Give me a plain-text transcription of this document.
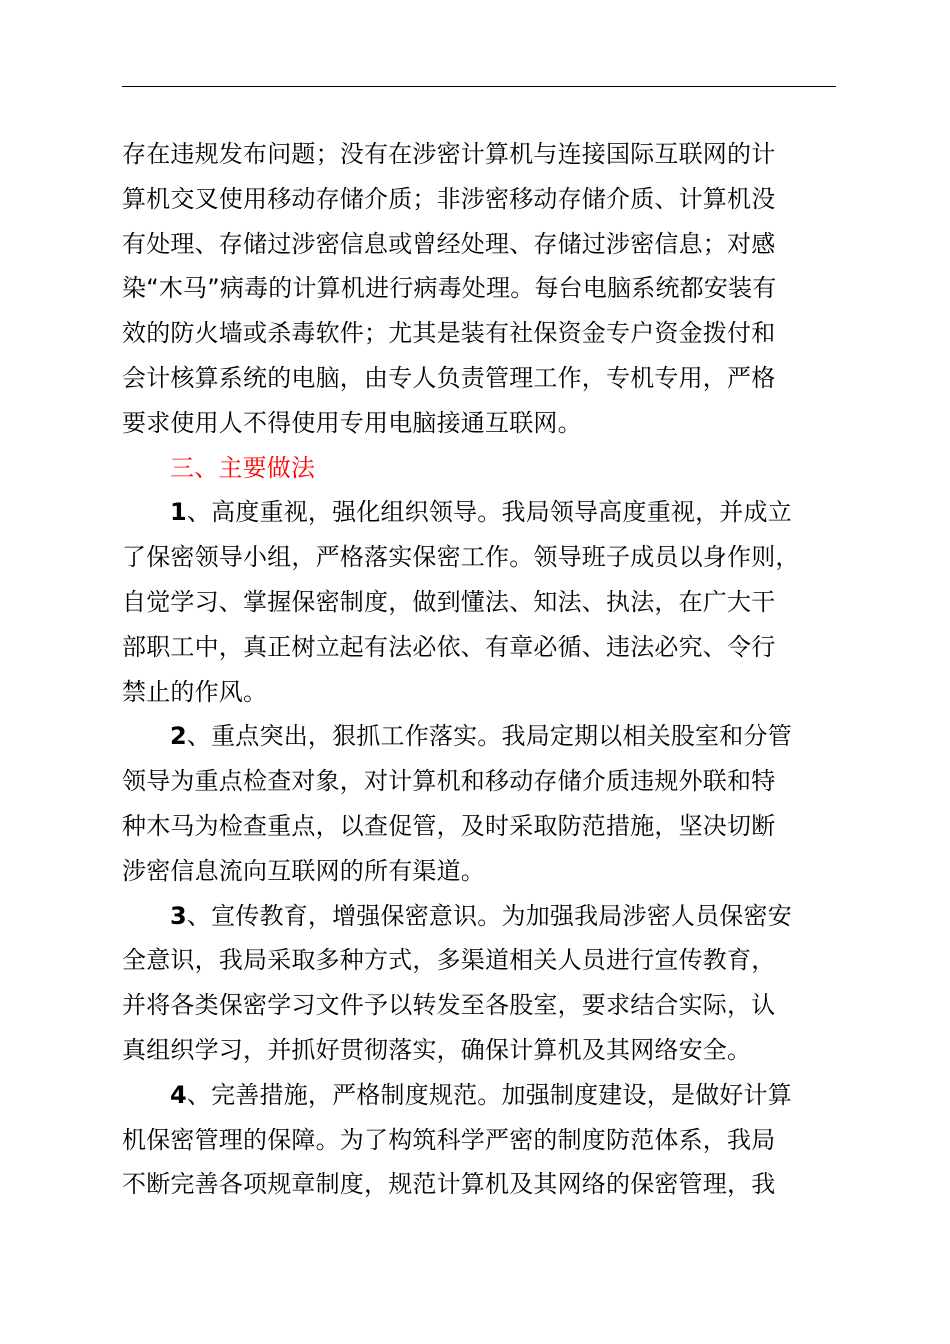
存在违规发布问题；没有在涉密计算机与连接国际互联网的计
算机交叉使用移动存储介质；非涉密移动存储介质、计算机没
有处理、存储过涉密信息或曾经处理、存储过涉密信息；对感
染“木马”病毒的计算机进行病毒处理。每台电脑系统都安装有
效的防火墙或杀毒软件；尤其是装有社保资金专户资金拨付和
会计核算系统的电脑，由专人负责管理工作，专机专用，严格
要求使用人不得使用专用电脑接通互联网。
三、主要做法
1、高度重视，强化组织领导。我局领导高度重视，并成立
了保密领导小组，严格落实保密工作。领导班子成员以身作则，
自觉学习、掌握保密制度，做到懂法、知法、执法，在广大干
部职工中，真正树立起有法必依、有章必循、违法必究、令行
禁止的作风。
2、重点突出，狠抓工作落实。我局定期以相关股室和分管
领导为重点检查对象，对计算机和移动存储介质违规外联和特
种木马为检查重点，以查促管，及时采取防范措施，坚决切断
涉密信息流向互联网的所有渠道。
3、宣传教育，增强保密意识。为加强我局涉密人员保密安
全意识，我局采取多种方式，多渠道相关人员进行宣传教育，
并将各类保密学习文件予以转发至各股室，要求结合实际，认
真组织学习，并抓好贯彻落实，确保计算机及其网络安全。
4、完善措施，严格制度规范。加强制度建设，是做好计算
机保密管理的保障。为了构筑科学严密的制度防范体系，我局
不断完善各项规章制度，规范计算机及其网络的保密管理，我
